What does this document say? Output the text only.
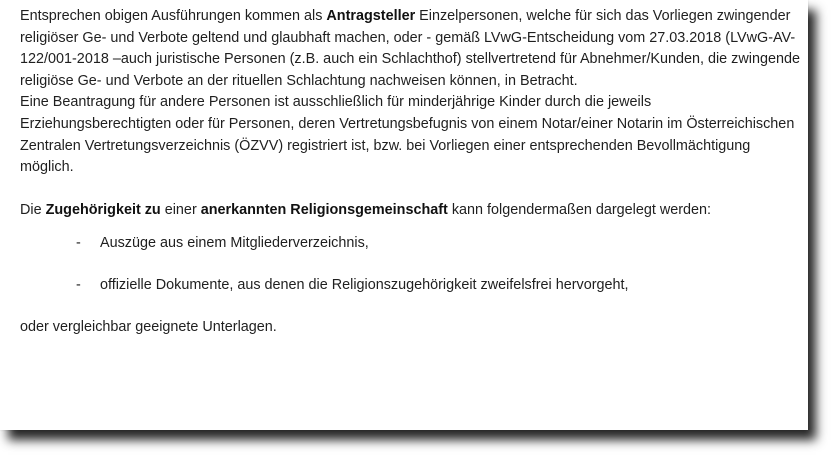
Entsprechen obigen Ausführungen kommen als Antragsteller Einzelpersonen, welche für sich das Vorliegen zwingender religiöser Ge- und Verbote geltend und glaubhaft machen, oder - gemäß LVwG-Entscheidung vom 27.03.2018 (LVwG-AV-122/001-2018 –auch juristische Personen (z.B. auch ein Schlachthof) stellvertretend für Abnehmer/Kunden, die zwingende religiöse Ge- und Verbote an der rituellen Schlachtung nachweisen können, in Betracht.

Eine Beantragung für andere Personen ist ausschließlich für minderjährige Kinder durch die jeweils Erziehungsberechtigten oder für Personen, deren Vertretungsbefugnis von einem Notar/einer Notarin im Österreichischen Zentralen Vertretungsverzeichnis (ÖZVV) registriert ist, bzw. bei Vorliegen einer entsprechenden Bevollmächtigung möglich.

Die Zugehörigkeit zu einer anerkannten Religionsgemeinschaft kann folgendermaßen dargelegt werden:

- Auszüge aus einem Mitgliederverzeichnis,
- offizielle Dokumente, aus denen die Religionszugehörigkeit zweifelsfrei hervorgeht,

oder vergleichbar geeignete Unterlagen.
